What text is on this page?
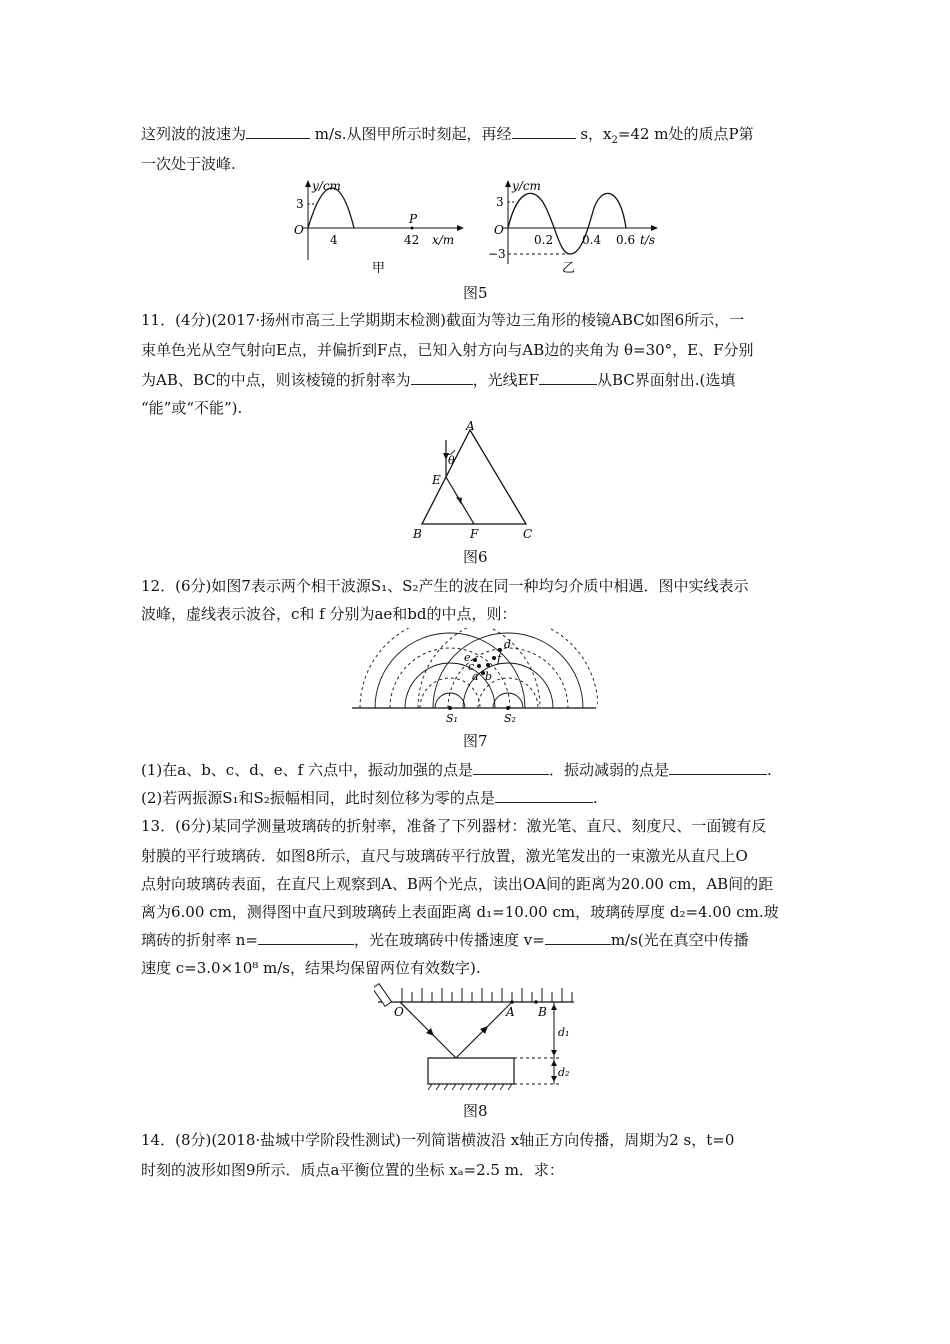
这列波的波速为	m/s.从图甲所示时刻起，再经	s，$x_2=42$ m处的质点P第

一次处于波峰.

y/cm
3
O
4
P
42 x/m
甲
y/cm
3
O
−3
0.2 0.4 0.6 t/s
乙
图5

11．(4分)(2017·扬州市高三上学期期末检测)截面为等边三角形的棱镜ABC如图6所示，一

束单色光从空气射向E点，并偏折到F点，已知入射方向与AB边的夹角为 θ=30°，E、F分别

为AB、BC的中点，则该棱镜的折射率为	，光线EF	从BC界面射出.(选填

“能”或“不能”).

A
θ
E
B	F	C
图6

12．(6分)如图7表示两个相干波源S₁、S₂产生的波在同一种均匀介质中相遇．图中实线表示

波峰，虚线表示波谷，c和 f 分别为ae和bd的中点，则：

S₁	S₂
a b
c
d
e f
图7

(1)在a、b、c、d、e、f 六点中，振动加强的点是	．振动减弱的点是	.

(2)若两振源S₁和S₂振幅相同，此时刻位移为零的点是	.

13．(6分)某同学测量玻璃砖的折射率，准备了下列器材：激光笔、直尺、刻度尺、一面镀有反

射膜的平行玻璃砖．如图8所示，直尺与玻璃砖平行放置，激光笔发出的一束激光从直尺上O

点射向玻璃砖表面，在直尺上观察到A、B两个光点，读出OA间的距离为20.00 cm，AB间的距

离为6.00 cm，测得图中直尺到玻璃砖上表面距离 d₁=10.00 cm，玻璃砖厚度 d₂=4.00 cm.玻

璃砖的折射率 n=	，光在玻璃砖中传播速度 v=	m/s(光在真空中传播

速度 c=3.0×10⁸ m/s，结果均保留两位有效数字).

O	A B
d₁
d₂
图8

14．(8分)(2018·盐城中学阶段性测试)一列简谐横波沿 x轴正方向传播，周期为2 s，t=0

时刻的波形如图9所示．质点a平衡位置的坐标 xₐ=2.5 m．求：
